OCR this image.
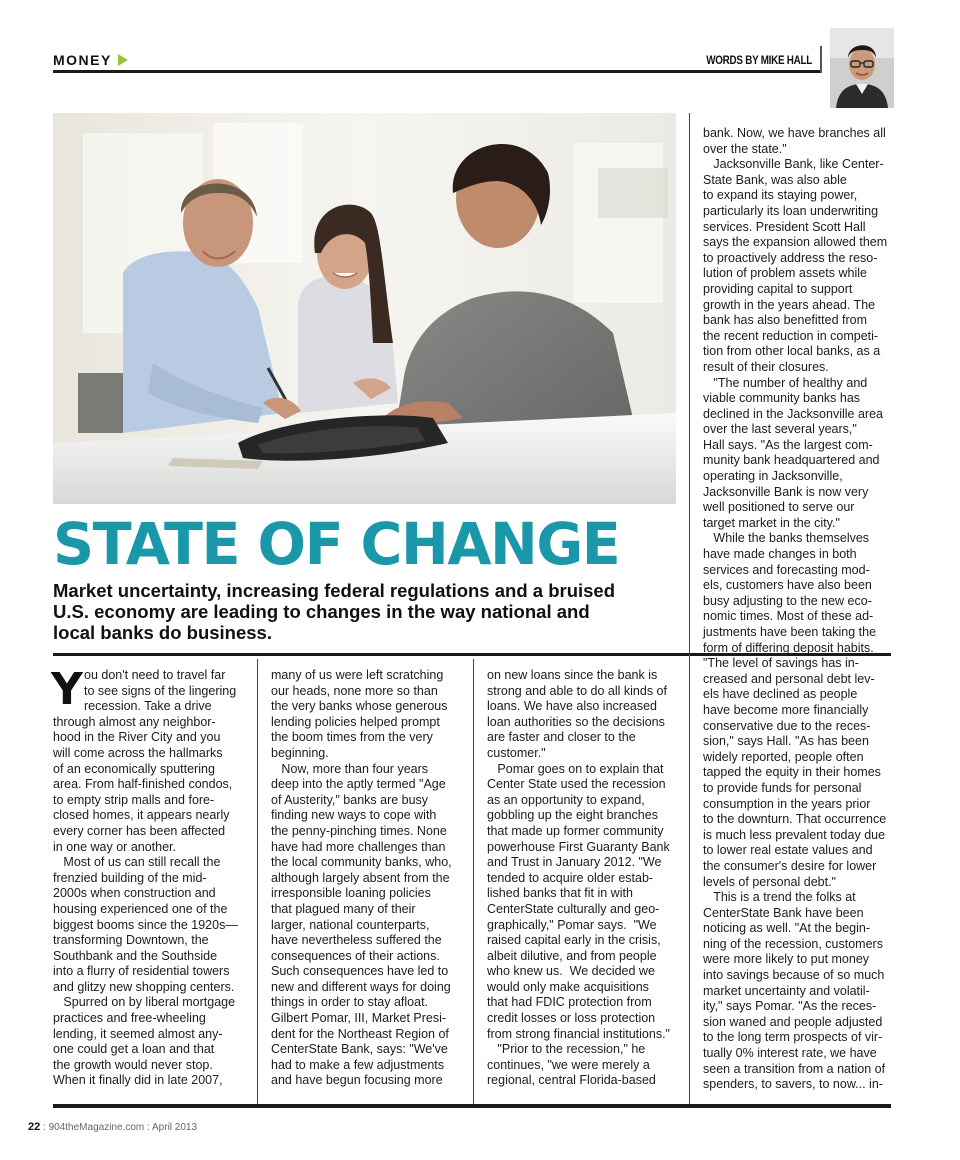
MONEY	WORDS BY MIKE HALL
STATE OF CHANGE
Market uncertainty, increasing federal regulations and a bruised
U.S. economy are leading to changes in the way national and
local banks do business.
Y ou don't need to travel far
to see signs of the lingering
recession. Take a drive
through almost any neighbor-
hood in the River City and you
will come across the hallmarks
of an economically sputtering
area. From half-finished condos,
to empty strip malls and fore-
closed homes, it appears nearly
every corner has been affected
in one way or another.
Most of us can still recall the
frenzied building of the mid-
2000s when construction and
housing experienced one of the
biggest booms since the 1920s—
transforming Downtown, the
Southbank and the Southside
into a flurry of residential towers
and glitzy new shopping centers.
Spurred on by liberal mortgage
practices and free-wheeling
lending, it seemed almost any-
one could get a loan and that
the growth would never stop.
When it finally did in late 2007,
many of us were left scratching
our heads, none more so than
the very banks whose generous
lending policies helped prompt
the boom times from the very
beginning.
Now, more than four years
deep into the aptly termed "Age
of Austerity," banks are busy
finding new ways to cope with
the penny-pinching times. None
have had more challenges than
the local community banks, who,
although largely absent from the
irresponsible loaning policies
that plagued many of their
larger, national counterparts,
have nevertheless suffered the
consequences of their actions.
Such consequences have led to
new and different ways for doing
things in order to stay afloat.
Gilbert Pomar, III, Market Presi-
dent for the Northeast Region of
CenterState Bank, says: "We've
had to make a few adjustments
and have begun focusing more
on new loans since the bank is
strong and able to do all kinds of
loans. We have also increased
loan authorities so the decisions
are faster and closer to the
customer."
Pomar goes on to explain that
Center State used the recession
as an opportunity to expand,
gobbling up the eight branches
that made up former community
powerhouse First Guaranty Bank
and Trust in January 2012. "We
tended to acquire older estab-
lished banks that fit in with
CenterState culturally and geo-
graphically," Pomar says.  "We
raised capital early in the crisis,
albeit dilutive, and from people
who knew us.  We decided we
would only make acquisitions
that had FDIC protection from
credit losses or loss protection
from strong financial institutions."
"Prior to the recession," he
continues, "we were merely a
regional, central Florida-based
bank. Now, we have branches all
over the state."
Jacksonville Bank, like Center-
State Bank, was also able
to expand its staying power,
particularly its loan underwriting
services. President Scott Hall
says the expansion allowed them
to proactively address the reso-
lution of problem assets while
providing capital to support
growth in the years ahead. The
bank has also benefitted from
the recent reduction in competi-
tion from other local banks, as a
result of their closures.
"The number of healthy and
viable community banks has
declined in the Jacksonville area
over the last several years,"
Hall says. "As the largest com-
munity bank headquartered and
operating in Jacksonville,
Jacksonville Bank is now very
well positioned to serve our
target market in the city."
While the banks themselves
have made changes in both
services and forecasting mod-
els, customers have also been
busy adjusting to the new eco-
nomic times. Most of these ad-
justments have been taking the
form of differing deposit habits.
"The level of savings has in-
creased and personal debt lev-
els have declined as people
have become more financially
conservative due to the reces-
sion," says Hall. "As has been
widely reported, people often
tapped the equity in their homes
to provide funds for personal
consumption in the years prior
to the downturn. That occurrence
is much less prevalent today due
to lower real estate values and
the consumer's desire for lower
levels of personal debt."
This is a trend the folks at
CenterState Bank have been
noticing as well. "At the begin-
ning of the recession, customers
were more likely to put money
into savings because of so much
market uncertainty and volatil-
ity," says Pomar. "As the reces-
sion waned and people adjusted
to the long term prospects of vir-
tually 0% interest rate, we have
seen a transition from a nation of
spenders, to savers, to now... in-
22 : 904theMagazine.com : April 2013
